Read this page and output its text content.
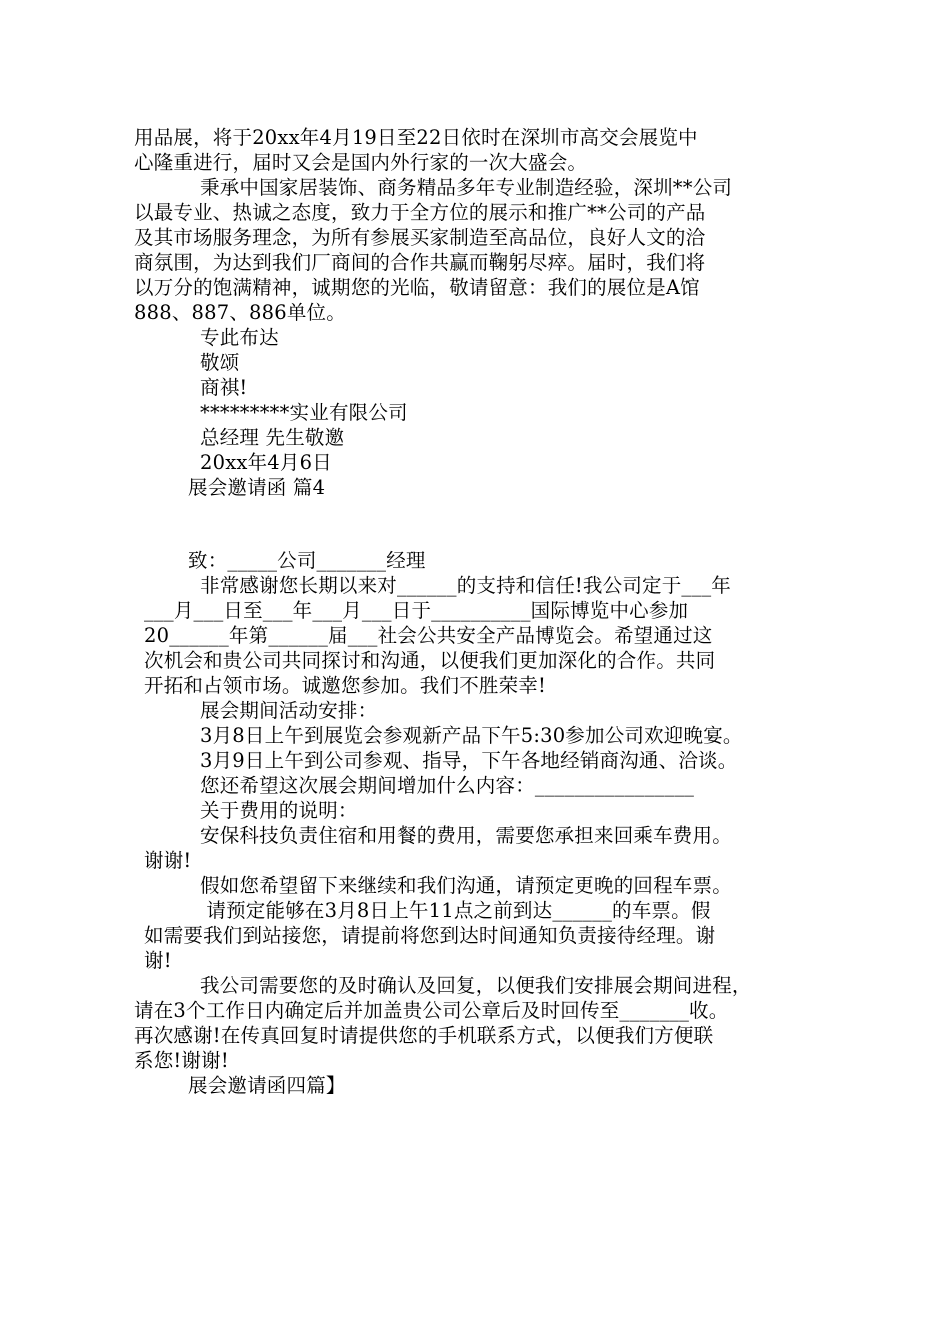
用品展，将于20xx年4月19日至22日依时在深圳市高交会展览中
心隆重进行，届时又会是国内外行家的一次大盛会。
秉承中国家居装饰、商务精品多年专业制造经验，深圳**公司
以最专业、热诚之态度，致力于全方位的展示和推广**公司的产品
及其市场服务理念，为所有参展买家制造至高品位，良好人文的洽
商氛围，为达到我们厂商间的合作共赢而鞠躬尽瘁。届时，我们将
以万分的饱满精神，诚期您的光临，敬请留意：我们的展位是A馆
888、887、886单位。
专此布达
敬颂
商祺!
*********实业有限公司
总经理 先生敬邀
20xx年4月6日
展会邀请函 篇4
致：_____公司_______经理
非常感谢您长期以来对______的支持和信任!我公司定于___年
___月___日至___年___月___日于__________国际博览中心参加
20______年第______届___社会公共安全产品博览会。希望通过这
次机会和贵公司共同探讨和沟通，以便我们更加深化的合作。共同
开拓和占领市场。诚邀您参加。我们不胜荣幸!
展会期间活动安排：
3月8日上午到展览会参观新产品下午5:30参加公司欢迎晚宴。
3月9日上午到公司参观、指导，下午各地经销商沟通、洽谈。
您还希望这次展会期间增加什么内容：________________
关于费用的说明：
安保科技负责住宿和用餐的费用，需要您承担来回乘车费用。
谢谢!
假如您希望留下来继续和我们沟通，请预定更晚的回程车票。
请预定能够在3月8日上午11点之前到达______的车票。假
如需要我们到站接您，请提前将您到达时间通知负责接待经理。谢
谢!
我公司需要您的及时确认及回复，以便我们安排展会期间进程，
请在3个工作日内确定后并加盖贵公司公章后及时回传至_______收。
再次感谢!在传真回复时请提供您的手机联系方式，以便我们方便联
系您!谢谢!
展会邀请函四篇】
